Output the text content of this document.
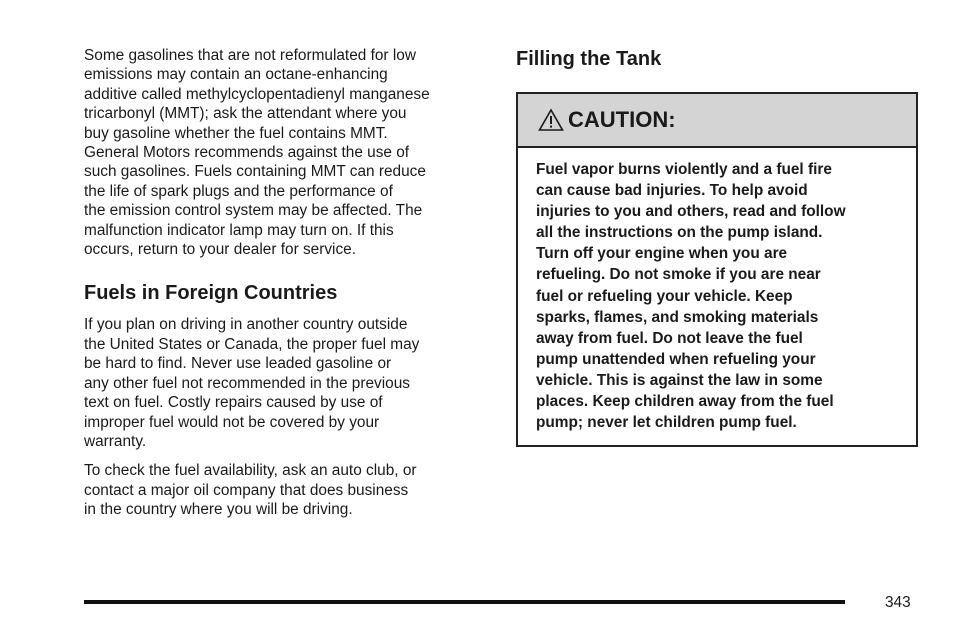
Some gasolines that are not reformulated for low
emissions may contain an octane-enhancing
additive called methylcyclopentadienyl manganese
tricarbonyl (MMT); ask the attendant where you
buy gasoline whether the fuel contains MMT.
General Motors recommends against the use of
such gasolines. Fuels containing MMT can reduce
the life of spark plugs and the performance of
the emission control system may be affected. The
malfunction indicator lamp may turn on. If this
occurs, return to your dealer for service.

Fuels in Foreign Countries

If you plan on driving in another country outside
the United States or Canada, the proper fuel may
be hard to find. Never use leaded gasoline or
any other fuel not recommended in the previous
text on fuel. Costly repairs caused by use of
improper fuel would not be covered by your
warranty.

To check the fuel availability, ask an auto club, or
contact a major oil company that does business
in the country where you will be driving.

Filling the Tank
CAUTION:
Fuel vapor burns violently and a fuel fire
can cause bad injuries. To help avoid
injuries to you and others, read and follow
all the instructions on the pump island.
Turn off your engine when you are
refueling. Do not smoke if you are near
fuel or refueling your vehicle. Keep
sparks, flames, and smoking materials
away from fuel. Do not leave the fuel
pump unattended when refueling your
vehicle. This is against the law in some
places. Keep children away from the fuel
pump; never let children pump fuel.
343
